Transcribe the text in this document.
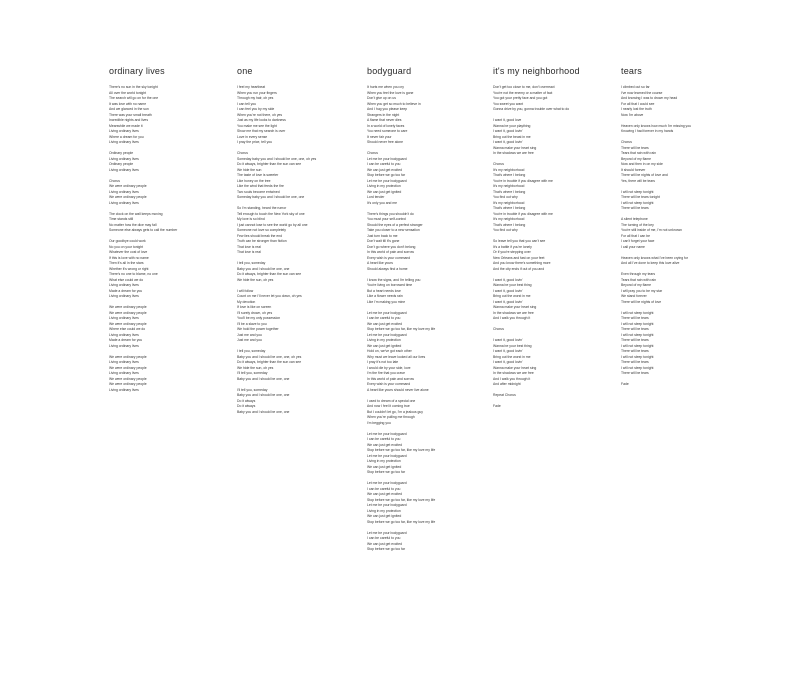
ordinary lives
There's no sun in the sky tonight
All over the world tonight
The search will go on for the one
It was love with no name
And we glanced in the sun
There was your small breath
Incredible nights and lives
Meanwhile we made it
Living ordinary lives
Where a dream for you
Living ordinary lives
Ordinary people
Living ordinary lives
Ordinary people
Living ordinary lives
Chorus
We were ordinary people
Living ordinary lives
We were ordinary people
Living ordinary lives
The clock on the wall keeps moving
Time stands still
No matter how the dice may fall
Someone else always gets to call the number
Our goodbye could work
No you on your tonight
Whatever the cost of love
If this is love with no name
Then it's all in the stars
Whether it's wrong or right
There's no one to blame, no one
What else could we do
Living ordinary lives
Made a dream for you
Living ordinary lives
We were ordinary people
We were ordinary people
Living ordinary lives
We were ordinary people
Where else could we do
Living ordinary lives
Made a dream for you
Living ordinary lives
We were ordinary people
Living ordinary lives
We were ordinary people
Living ordinary lives
We were ordinary people
We were ordinary people
Living ordinary lives
one
I feel my heartbeat
When you run your fingers
Through my hair, oh yes
I can tell you
I can feel you by my side
When you're not there, oh yes
Just as my life looks to darkness
You make me see the light
Show me that my search is over
Love in every sense
I pray the price, tell you
Chorus
Someday baby you and I should be one, one, oh yes
Do it always, brighter than the sun can see
We hide the sun
The taste of love is sweeter
Like honey on the tree
Like the wind that feeds the fire
Two souls become entwined
Someday baby you and I should be one, one
So I'm standing, heard the rumor
Tell enough to touch the New York sky of one
My love is so blind
I just cannot lose to see the world go by all one
Someone not love so completely
Few lies should break the end
Truth can be stronger than fiction
That love is real
That love is real
I tell you, someday
Baby you and I should be one, one
Do it always, brighter than the sun can see
We hide the sun, oh yes
I will follow
Count on me I'll never let you down, oh yes
My devotion
If love is like on screen
I'll surely drown, oh yes
You'll be my only possession
I'll be a slave to you
We hold the power together
Just me and you
Just me and you
I tell you, someday
Baby you and I should be one, one, oh yes
Do it always, brighter than the sun can see
We hide the sun, oh yes
I'll tell you, someday
Baby you and I should be one, one
I'll tell you, someday
Baby you and I should be one, one
Do it always
Do it always
Baby you and I should be one, one
bodyguard
It hurts me when you cry
When you feel the love is gone
Don't give up on us
When you get so much to believe in
And I hug you please keep
Strangers in the night
A flame that never dies
In a world of lonely faces
You need someone to care
It never fair your
Should never free alone
Chorus
Let me be your bodyguard
I can be careful to you
We can just get excited
Stop before we go too far
Let me be your bodyguard
Living in my protection
We can just get ignited
Lord tender
It's only you and me
There's things you shouldn't do
You must your self-control
Should the eyes of a perfect stranger
Take you closer to a new sensation
Just turn back to me
Don't wait till it's gone
Don't go where you don't belong
In this world of pain and sorrow
Every wish is your command
A heart like yours
Should always find a home
I know the signs, and I'm telling you
You're living on borrowed time
But a heart needs love
Like a flower needs rain
Like I'm making you mine
Let me be your bodyguard
I can be careful to you
We can just get excited
Stop before we go too far, like my love my life
Let me be your bodyguard
Living in my protection
We can just get ignited
Hold on, we've got each other
Why must we leave looked all our lives
I pray it's not too late
I would die by your side, love
I'm the fire that you crave
In this world of pain and sorrow
Every wish is your command
A heart like yours should never live alone
I used to dream of a special one
And now I feel it coming true
But I couldn't let go, I'm a jealous guy
When you're pulling me through
I'm begging you
Let me be your bodyguard
I can be careful to you
We can just get excited
Stop before we go too far, like my love my life
Let me be your bodyguard
Living in my protection
We can just get ignited
Stop before we go too far
Let me be your bodyguard
I can be careful to you
We can just get excited
Stop before we go too far, like my love my life
Let me be your bodyguard
Living in my protection
We can just get ignited
Stop before we go too far, like my love my life
Let me be your bodyguard
I can be careful to you
We can just get excited
Stop before we go too far
it's my neighborhood
Don't get too close to me, don't overreact
You're not the enemy or a matter of fact
You got your pretty face and you got
You sweet you want
Gonna drive by you, gonna trouble over what to do
I want it, good love
Wanna be your plaything
I want it, good lovin'
Bring out the beast in me
I want it, good lovin'
Wanna make your heart sing
In the shadows we are free
Chorus
It's my neighborhood
That's where I belong
You're in trouble if you disagree with me
It's my neighborhood
That's where I belong
You find out why
It's my neighborhood
That's where I belong
You're in trouble if you disagree with me
It's my neighborhood
That's where I belong
You find out why
So leave tell you that you can't see
It's a battle if you're lonely
Or if you're stepping over
New Orleans and fast on your feet
And you know there's something more
And the city ends if out of you and
I want it, good lovin'
Wanna be your best thing
I want it, good lovin'
Bring out the worst in me
I want it, good lovin'
Wanna make your heart sing
In the shadows we are free
And I walk you through it
Chorus
I want it, good lovin'
Wanna be your best thing
I want it, good lovin'
Bring out the worst in me
I want it, good lovin'
Wanna make your heart sing
In the shadows we are free
And I walk you through it
And after midnight
Repeat Chorus
Fade
tears
I climbed out so far
I've now learned the course
And knowing I was to drown my head
For all that I could see
I nearly lost the truth
Now I'm above
Heaven only knows how much I'm missing you
Knowing I had forever in my hands
Chorus
There will be tears
Tears that rain with rain
Beyond of my flame
Now and then in on my side
It should forever
There will be nights of love and
Yes, there will be tears
I will not sleep tonight
There will be tears tonight
I will not sleep tonight
There will be tears
A silent telephone
The turning of the key
You're still inside of me, I'm not unknown
For all that I can be
I can't forget your face
I call your name
Heaven only knows what I've been crying for
And all I've done to keep this love alive
Even through my tears
Tears that rain with rain
Beyond of my flame
I will pray you to be my star
We stand forever
There will be nights of love
I will not sleep tonight
There will be tears
I will not sleep tonight
There will be tears
I will not sleep tonight
There will be tears
I will not sleep tonight
There will be tears
I will not sleep tonight
There will be tears
I will not sleep tonight
There will be tears
Fade
